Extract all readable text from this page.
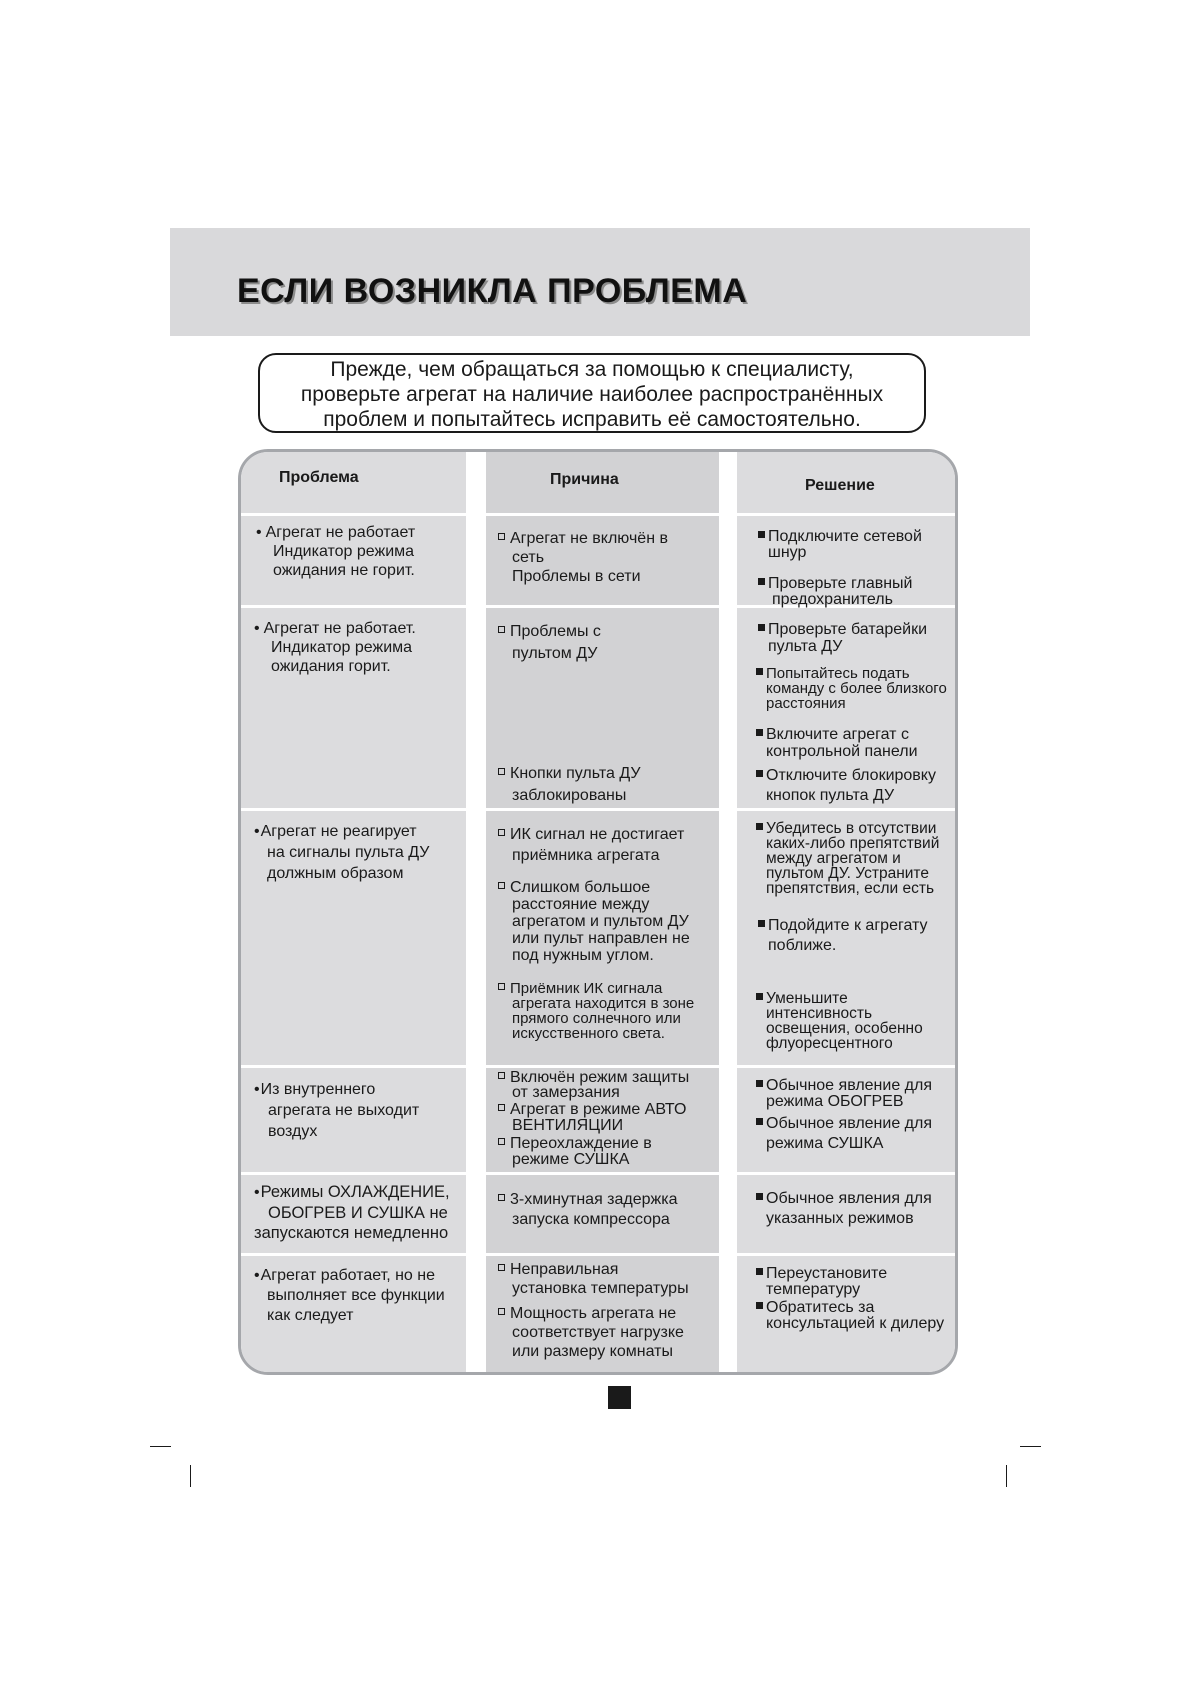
ЕСЛИ ВОЗНИКЛА ПРОБЛЕМА
Прежде, чем обращаться за помощью к специалисту,
проверьте агрегат на наличие наиболее распространённых
проблем и попытайтесь исправить её самостоятельно.
Проблема	Причина	Решение
•Агрегат не работает
Индикатор режима
ожидания не горит.
Агрегат не включён в
сеть
Проблемы в сети
Подключите сетевой
шнур
Проверьте главный
предохранитель
•Агрегат не работает.
Индикатор режима
ожидания горит.
Проблемы с
пультом ДУ
Кнопки пульта ДУ
заблокированы
Проверьте батарейки
пульта ДУ
Попытайтесь подать
команду с более близкого
расстояния
Включите агрегат с
контрольной панели
Отключите блокировку
кнопок пульта ДУ
•Агрегат не реагирует
на сигналы пульта ДУ
должным образом
ИК сигнал не достигает
приёмника агрегата
Слишком большое
расстояние между
агрегатом и пультом ДУ
или пульт направлен не
под нужным углом.
Приёмник ИК сигнала
агрегата находится в зоне
прямого солнечного или
искусственного света.
Убедитесь в отсутствии
каких-либо препятствий
между агрегатом и
пультом ДУ. Устраните
препятствия, если есть
Подойдите к агрегату
поближе.
Уменьшите
интенсивность
освещения, особенно
флуоресцентного
•Из внутреннего
агрегата не выходит
воздух
Включён режим защиты
от замерзания
Агрегат в режиме АВТО
ВЕНТИЛЯЦИИ
Переохлаждение в
режиме СУШКА
Обычное явление для
режима ОБОГРЕВ
Обычное явление для
режима СУШКА
•Режимы ОХЛАЖДЕНИЕ,
ОБОГРЕВ И СУШКА не
запускаются немедленно
3-хминутная задержка
запуска компрессора
Обычное явления для
указанных режимов
•Агрегат работает, но не
выполняет все функции
как следует
Неправильная
установка температуры
Мощность агрегата не
соответствует нагрузке
или размеру комнаты
Переустановите
температуру
Обратитесь за
консультацией к дилеру
